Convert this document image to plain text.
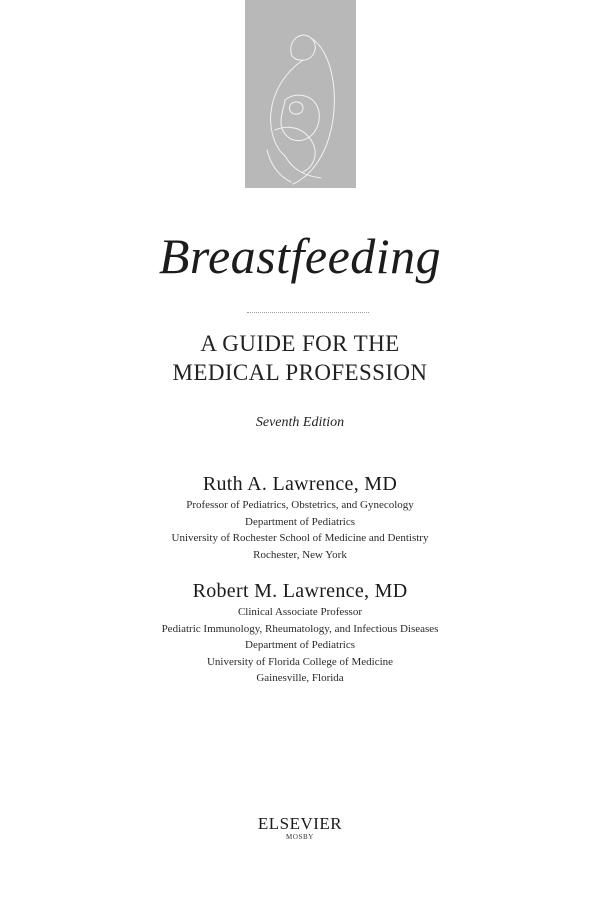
Breastfeeding
A GUIDE FOR THE
MEDICAL PROFESSION
Seventh Edition
Ruth A. Lawrence, MD
Professor of Pediatrics, Obstetrics, and Gynecology
Department of Pediatrics
University of Rochester School of Medicine and Dentistry
Rochester, New York
Robert M. Lawrence, MD
Clinical Associate Professor
Pediatric Immunology, Rheumatology, and Infectious Diseases
Department of Pediatrics
University of Florida College of Medicine
Gainesville, Florida
ELSEVIER
MOSBY
